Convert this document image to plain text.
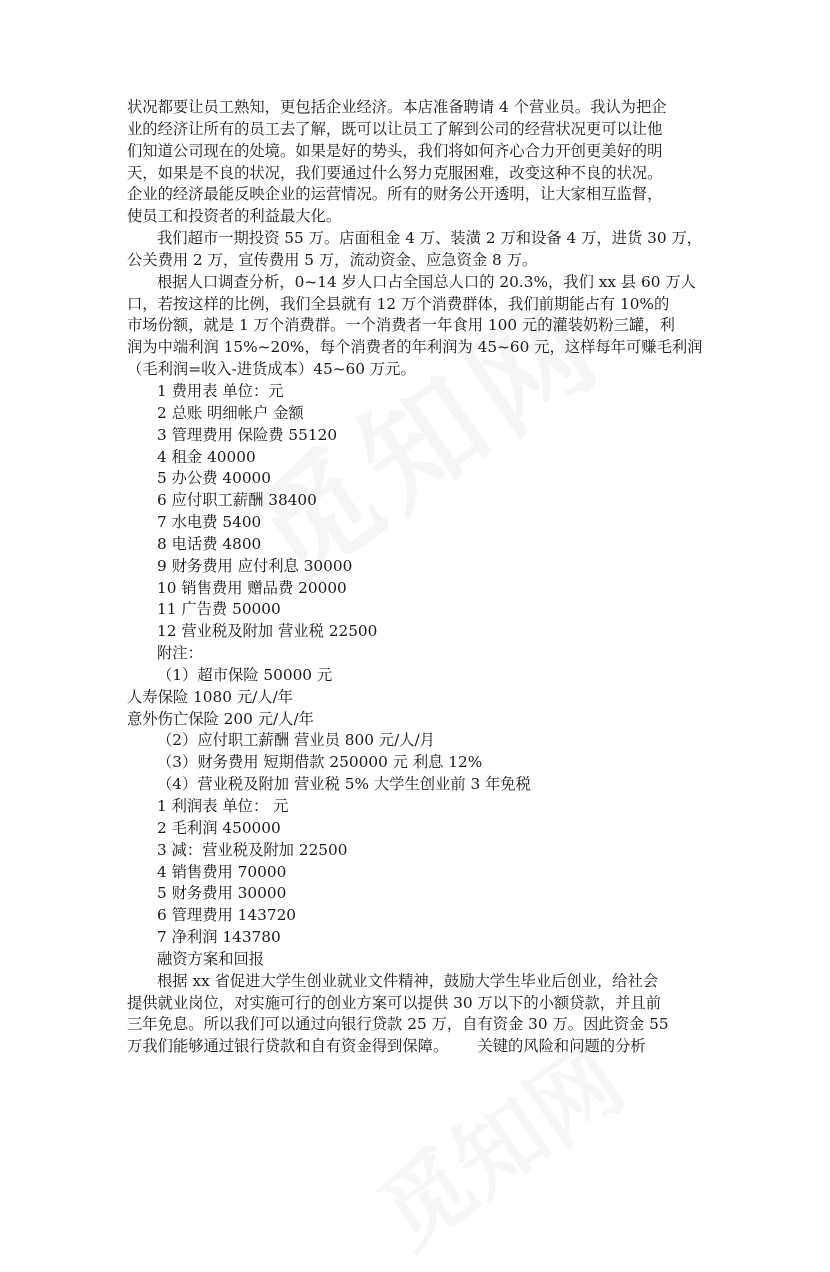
状况都要让员工熟知，更包括企业经济。本店准备聘请 4 个营业员。我认为把企
业的经济让所有的员工去了解，既可以让员工了解到公司的经营状况更可以让他
们知道公司现在的处境。如果是好的势头，我们将如何齐心合力开创更美好的明
天，如果是不良的状况，我们要通过什么努力克服困难，改变这种不良的状况。
企业的经济最能反映企业的运营情况。所有的财务公开透明，让大家相互监督，
使员工和投资者的利益最大化。
我们超市一期投资 55 万。店面租金 4 万、装潢 2 万和设备 4 万，进货 30 万，
公关费用 2 万，宣传费用 5 万，流动资金、应急资金 8 万。
根据人口调查分析，0~14 岁人口占全国总人口的 20.3%，我们 xx 县 60 万人
口，若按这样的比例，我们全县就有 12 万个消费群体，我们前期能占有 10%的
市场份额，就是 1 万个消费群。一个消费者一年食用 100 元的灌装奶粉三罐，利
润为中端利润 15%~20%，每个消费者的年利润为 45~60 元，这样每年可赚毛利润
（毛利润=收入-进货成本）45~60 万元。
1 费用表 单位：元
2 总账 明细帐户 金额
3 管理费用 保险费 55120
4 租金 40000
5 办公费 40000
6 应付职工薪酬 38400
7 水电费 5400
8 电话费 4800
9 财务费用 应付利息 30000
10 销售费用 赠品费 20000
11 广告费 50000
12 营业税及附加 营业税 22500
附注：
（1）超市保险 50000 元
人寿保险 1080 元/人/年
意外伤亡保险 200 元/人/年
（2）应付职工薪酬 营业员 800 元/人/月
（3）财务费用 短期借款 250000 元 利息 12%
（4）营业税及附加 营业税 5% 大学生创业前 3 年免税
1 利润表 单位： 元
2 毛利润 450000
3 减：营业税及附加 22500
4 销售费用 70000
5 财务费用 30000
6 管理费用 143720
7 净利润 143780
融资方案和回报
根据 xx 省促进大学生创业就业文件精神，鼓励大学生毕业后创业，给社会
提供就业岗位，对实施可行的创业方案可以提供 30 万以下的小额贷款，并且前
三年免息。所以我们可以通过向银行贷款 25 万，自有资金 30 万。因此资金 55
万我们能够通过银行贷款和自有资金得到保障。      关键的风险和问题的分析
